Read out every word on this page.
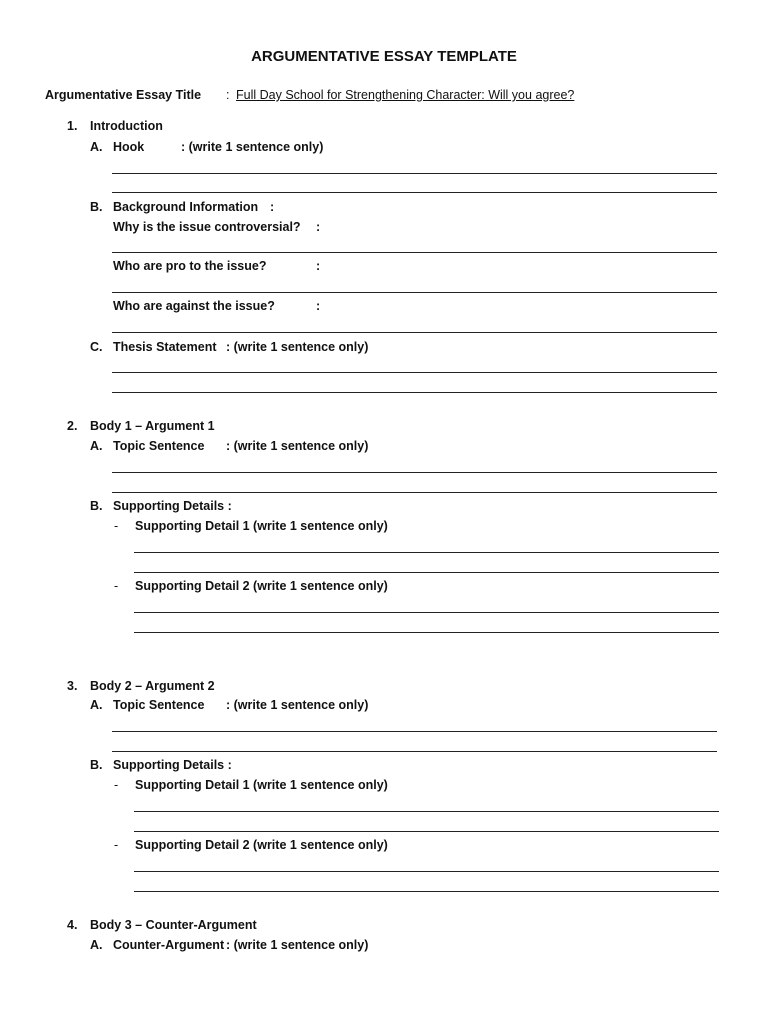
ARGUMENTATIVE ESSAY TEMPLATE
Argumentative Essay Title : Full Day School for Strengthening Character: Will you agree?
1. Introduction
A. Hook	: (write 1 sentence only)
B. Background Information :
Why is the issue controversial? :
Who are pro to the issue?	:
Who are against the issue?	:
C. Thesis Statement : (write 1 sentence only)
2. Body 1 – Argument 1
A. Topic Sentence : (write 1 sentence only)
B. Supporting Details :
- Supporting Detail 1 (write 1 sentence only)
- Supporting Detail 2 (write 1 sentence only)
3. Body 2 – Argument 2
A. Topic Sentence : (write 1 sentence only)
B. Supporting Details :
- Supporting Detail 1 (write 1 sentence only)
- Supporting Detail 2 (write 1 sentence only)
4. Body 3 – Counter-Argument
A. Counter-Argument : (write 1 sentence only)
